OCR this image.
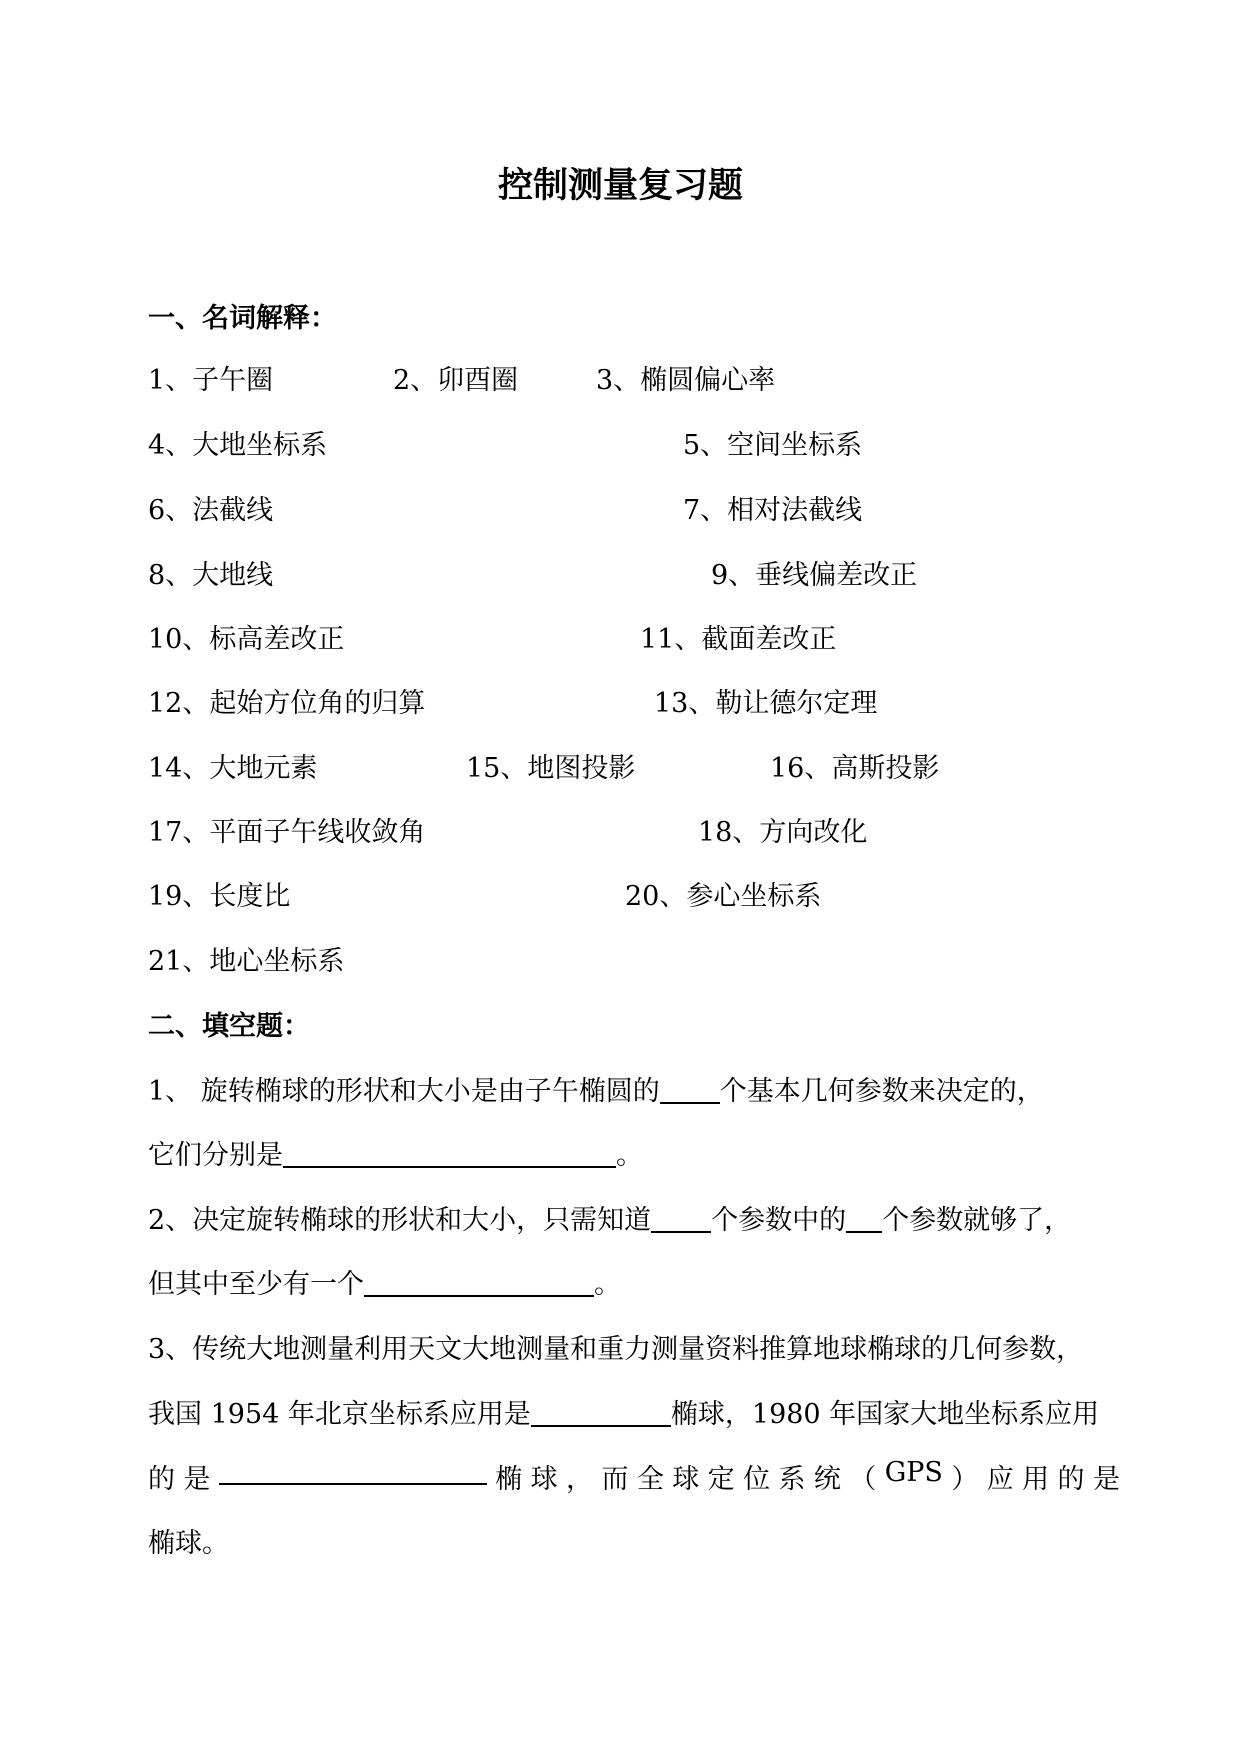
控制测量复习题
一、名词解释：
1、子午圈	2、卯酉圈	3、椭圆偏心率
4、大地坐标系	5、空间坐标系
6、法截线	7、相对法截线
8、大地线	9、垂线偏差改正
10、标高差改正	11、截面差改正
12、起始方位角的归算	13、勒让德尔定理
14、大地元素	15、地图投影	16、高斯投影
17、平面子午线收敛角	18、方向改化
19、长度比	20、参心坐标系
21、地心坐标系
二、填空题：
1、 旋转椭球的形状和大小是由子午椭圆的 个基本几何参数来决定的，
它们分别是	。
2、决定旋转椭球的形状和大小，只需知道 个参数中的 个参数就够了，
但其中至少有一个	。
3、传统大地测量利用天文大地测量和重力测量资料推算地球椭球的几何参数，
我国 1954 年北京坐标系应用是	椭球，1980 年国家大地坐标系应用
的 是	椭 球 ， 而 全 球 定 位 系 统 （ GPS ） 应 用 的 是
椭球。
